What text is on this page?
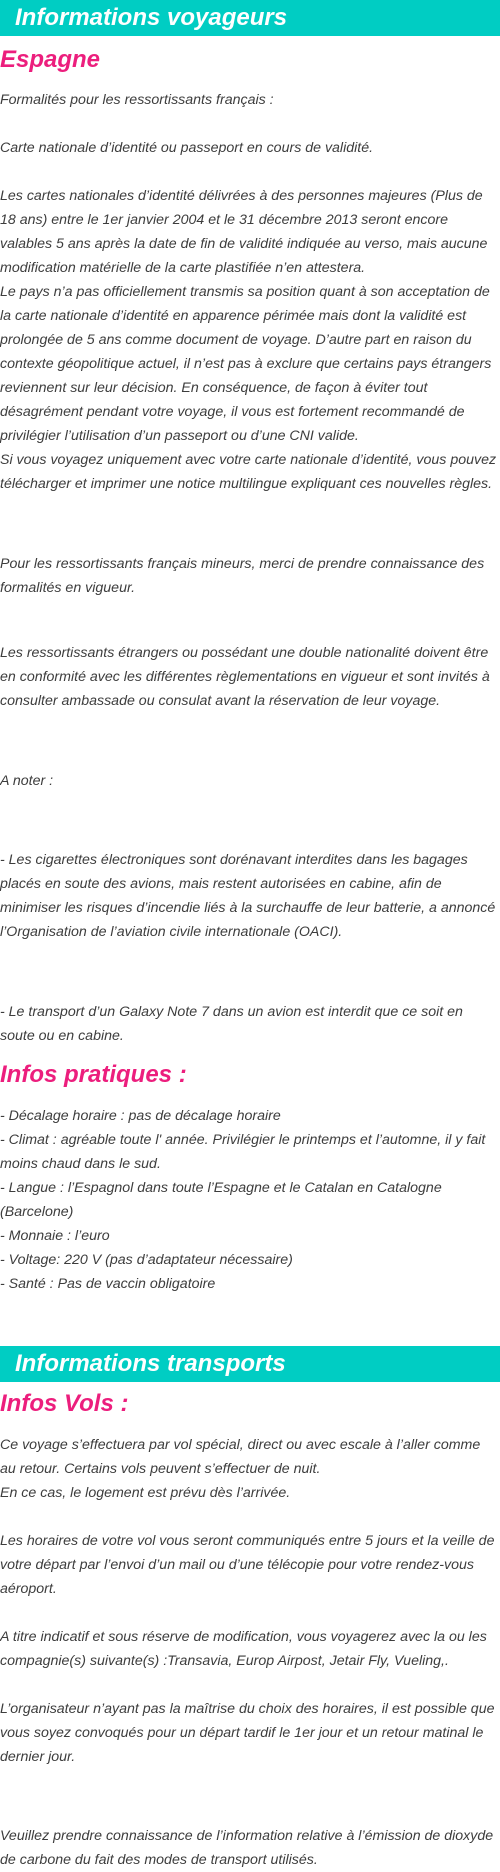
Informations voyageurs
Espagne

Formalités pour les ressortissants français :

Carte nationale d’identité ou passeport en cours de validité.

Les cartes nationales d’identité délivrées à des personnes majeures (Plus de 18 ans) entre le 1er janvier 2004 et le 31 décembre 2013 seront encore valables 5 ans après la date de fin de validité indiquée au verso, mais aucune modification matérielle de la carte plastifiée n’en attestera.

Le pays n’a pas officiellement transmis sa position quant à son acceptation de la carte nationale d’identité en apparence périmée mais dont la validité est prolongée de 5 ans comme document de voyage. D’autre part en raison du contexte géopolitique actuel, il n’est pas à exclure que certains pays étrangers reviennent sur leur décision. En conséquence, de façon à éviter tout désagrément pendant votre voyage, il vous est fortement recommandé de privilégier l’utilisation d’un passeport ou d’une CNI valide.

Si vous voyagez uniquement avec votre carte nationale d’identité, vous pouvez télécharger et imprimer une notice multilingue expliquant ces nouvelles règles.

Pour les ressortissants français mineurs, merci de prendre connaissance des formalités en vigueur.

Les ressortissants étrangers ou possédant une double nationalité doivent être en conformité avec les différentes règlementations en vigueur et sont invités à consulter ambassade ou consulat avant la réservation de leur voyage.

A noter :

- Les cigarettes électroniques sont dorénavant interdites dans les bagages placés en soute des avions, mais restent autorisées en cabine, afin de minimiser les risques d’incendie liés à la surchauffe de leur batterie, a annoncé l’Organisation de l’aviation civile internationale (OACI).

- Le transport d’un Galaxy Note 7 dans un avion est interdit que ce soit en soute ou en cabine.

Infos pratiques :

- Décalage horaire : pas de décalage horaire

- Climat : agréable toute l' année. Privilégier le printemps et l’automne, il y fait moins chaud dans le sud.

- Langue : l’Espagnol dans toute l’Espagne et le Catalan en Catalogne (Barcelone)

- Monnaie : l’euro

- Voltage: 220 V (pas d’adaptateur nécessaire)

- Santé : Pas de vaccin obligatoire

Informations transports
Infos Vols :

Ce voyage s’effectuera par vol spécial, direct ou avec escale à l’aller comme au retour. Certains vols peuvent s’effectuer de nuit.

En ce cas, le logement est prévu dès l’arrivée.

Les horaires de votre vol vous seront communiqués entre 5 jours et la veille de votre départ par l’envoi d’un mail ou d’une télécopie pour votre rendez-vous aéroport.

A titre indicatif et sous réserve de modification, vous voyagerez avec la ou les compagnie(s) suivante(s) :Transavia, Europ Airpost, Jetair Fly, Vueling,.

L’organisateur n’ayant pas la maîtrise du choix des horaires, il est possible que vous soyez convoqués pour un départ tardif le 1er jour et un retour matinal le dernier jour.

Veuillez prendre connaissance de l’information relative à l’émission de dioxyde de carbone du fait des modes de transport utilisés.
